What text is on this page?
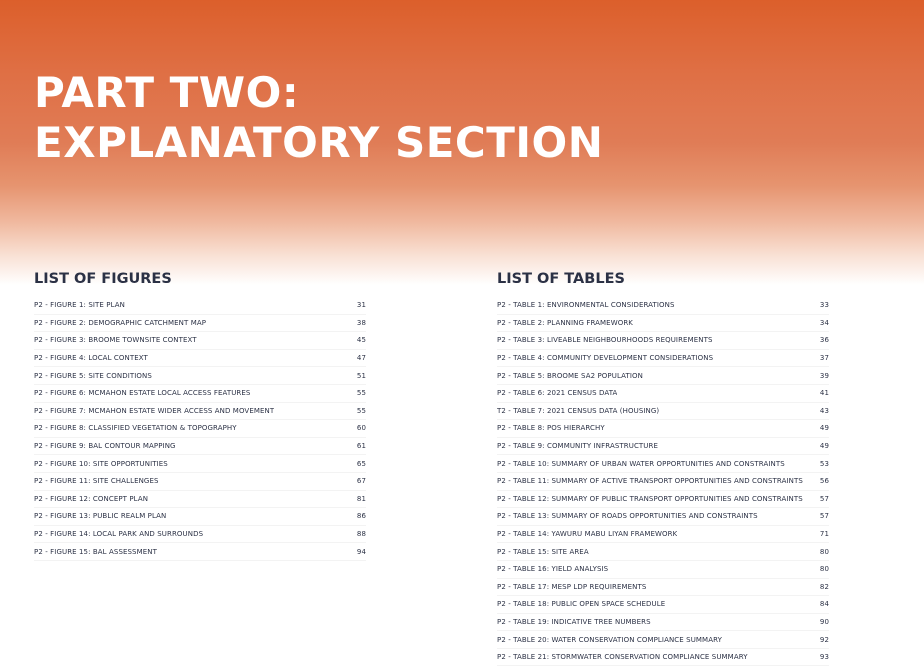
PART TWO:
EXPLANATORY SECTION
LIST OF FIGURES
P2 - FIGURE 1: SITE PLAN	31
P2 - FIGURE 2: DEMOGRAPHIC CATCHMENT MAP	38
P2 - FIGURE 3: BROOME TOWNSITE CONTEXT	45
P2 - FIGURE 4: LOCAL CONTEXT	47
P2 - FIGURE 5: SITE CONDITIONS	51
P2 - FIGURE 6: MCMAHON ESTATE LOCAL ACCESS FEATURES	55
P2 - FIGURE 7: MCMAHON ESTATE WIDER ACCESS AND MOVEMENT	55
P2 - FIGURE 8: CLASSIFIED VEGETATION & TOPOGRAPHY	60
P2 - FIGURE 9: BAL CONTOUR MAPPING	61
P2 - FIGURE 10: SITE OPPORTUNITIES	65
P2 - FIGURE 11: SITE CHALLENGES	67
P2 - FIGURE 12: CONCEPT PLAN	81
P2 - FIGURE 13: PUBLIC REALM PLAN	86
P2 - FIGURE 14: LOCAL PARK AND SURROUNDS	88
P2 - FIGURE 15: BAL ASSESSMENT	94
LIST OF TABLES
P2 - TABLE 1: ENVIRONMENTAL CONSIDERATIONS	33
P2 - TABLE 2: PLANNING FRAMEWORK	34
P2 - TABLE 3: LIVEABLE NEIGHBOURHOODS REQUIREMENTS	36
P2 - TABLE 4: COMMUNITY DEVELOPMENT CONSIDERATIONS	37
P2 - TABLE 5: BROOME SA2 POPULATION	39
P2 - TABLE 6: 2021 CENSUS DATA	41
T2 - TABLE 7: 2021 CENSUS DATA (HOUSING)	43
P2 - TABLE 8: POS HIERARCHY	49
P2 - TABLE 9: COMMUNITY INFRASTRUCTURE	49
P2 - TABLE 10: SUMMARY OF URBAN WATER OPPORTUNITIES AND CONSTRAINTS	53
P2 - TABLE 11: SUMMARY OF ACTIVE TRANSPORT OPPORTUNITIES AND CONSTRAINTS 56
P2 - TABLE 12: SUMMARY OF PUBLIC TRANSPORT OPPORTUNITIES AND CONSTRAINTS 57
P2 - TABLE 13: SUMMARY OF ROADS OPPORTUNITIES AND CONSTRAINTS	57
P2 - TABLE 14: YAWURU MABU LIYAN FRAMEWORK	71
P2 - TABLE 15: SITE AREA	80
P2 - TABLE 16: YIELD ANALYSIS	80
P2 - TABLE 17: MESP LDP REQUIREMENTS	82
P2 - TABLE 18: PUBLIC OPEN SPACE SCHEDULE	84
P2 - TABLE 19: INDICATIVE TREE NUMBERS	90
P2 - TABLE 20: WATER CONSERVATION COMPLIANCE SUMMARY	92
P2 - TABLE 21: STORMWATER CONSERVATION COMPLIANCE SUMMARY	93
